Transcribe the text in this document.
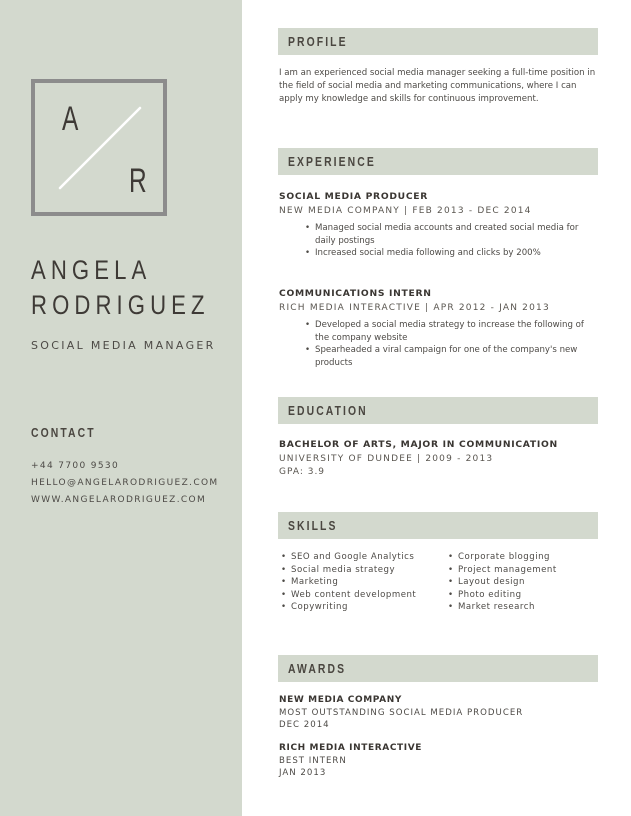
A
R
ANGELA
RODRIGUEZ
SOCIAL MEDIA MANAGER
CONTACT
+44 7700 9530
HELLO@ANGELARODRIGUEZ.COM
WWW.ANGELARODRIGUEZ.COM
PROFILE
I am an experienced social media manager seeking a full-time position in the field of social media and marketing communications, where I can apply my knowledge and skills for continuous improvement.
EXPERIENCE
SOCIAL MEDIA PRODUCER
NEW MEDIA COMPANY | FEB 2013 - DEC 2014
• Managed social media accounts and created social media for daily postings
• Increased social media following and clicks by 200%
COMMUNICATIONS INTERN
RICH MEDIA INTERACTIVE | APR 2012 - JAN 2013
• Developed a social media strategy to increase the following of the company website
• Spearheaded a viral campaign for one of the company's new products
EDUCATION
BACHELOR OF ARTS, MAJOR IN COMMUNICATION
UNIVERSITY OF DUNDEE | 2009 - 2013
GPA: 3.9
SKILLS
• SEO and Google Analytics
• Social media strategy
• Marketing
• Web content development
• Copywriting
• Corporate blogging
• Project management
• Layout design
• Photo editing
• Market research
AWARDS
NEW MEDIA COMPANY
MOST OUTSTANDING SOCIAL MEDIA PRODUCER
DEC 2014
RICH MEDIA INTERACTIVE
BEST INTERN
JAN 2013
